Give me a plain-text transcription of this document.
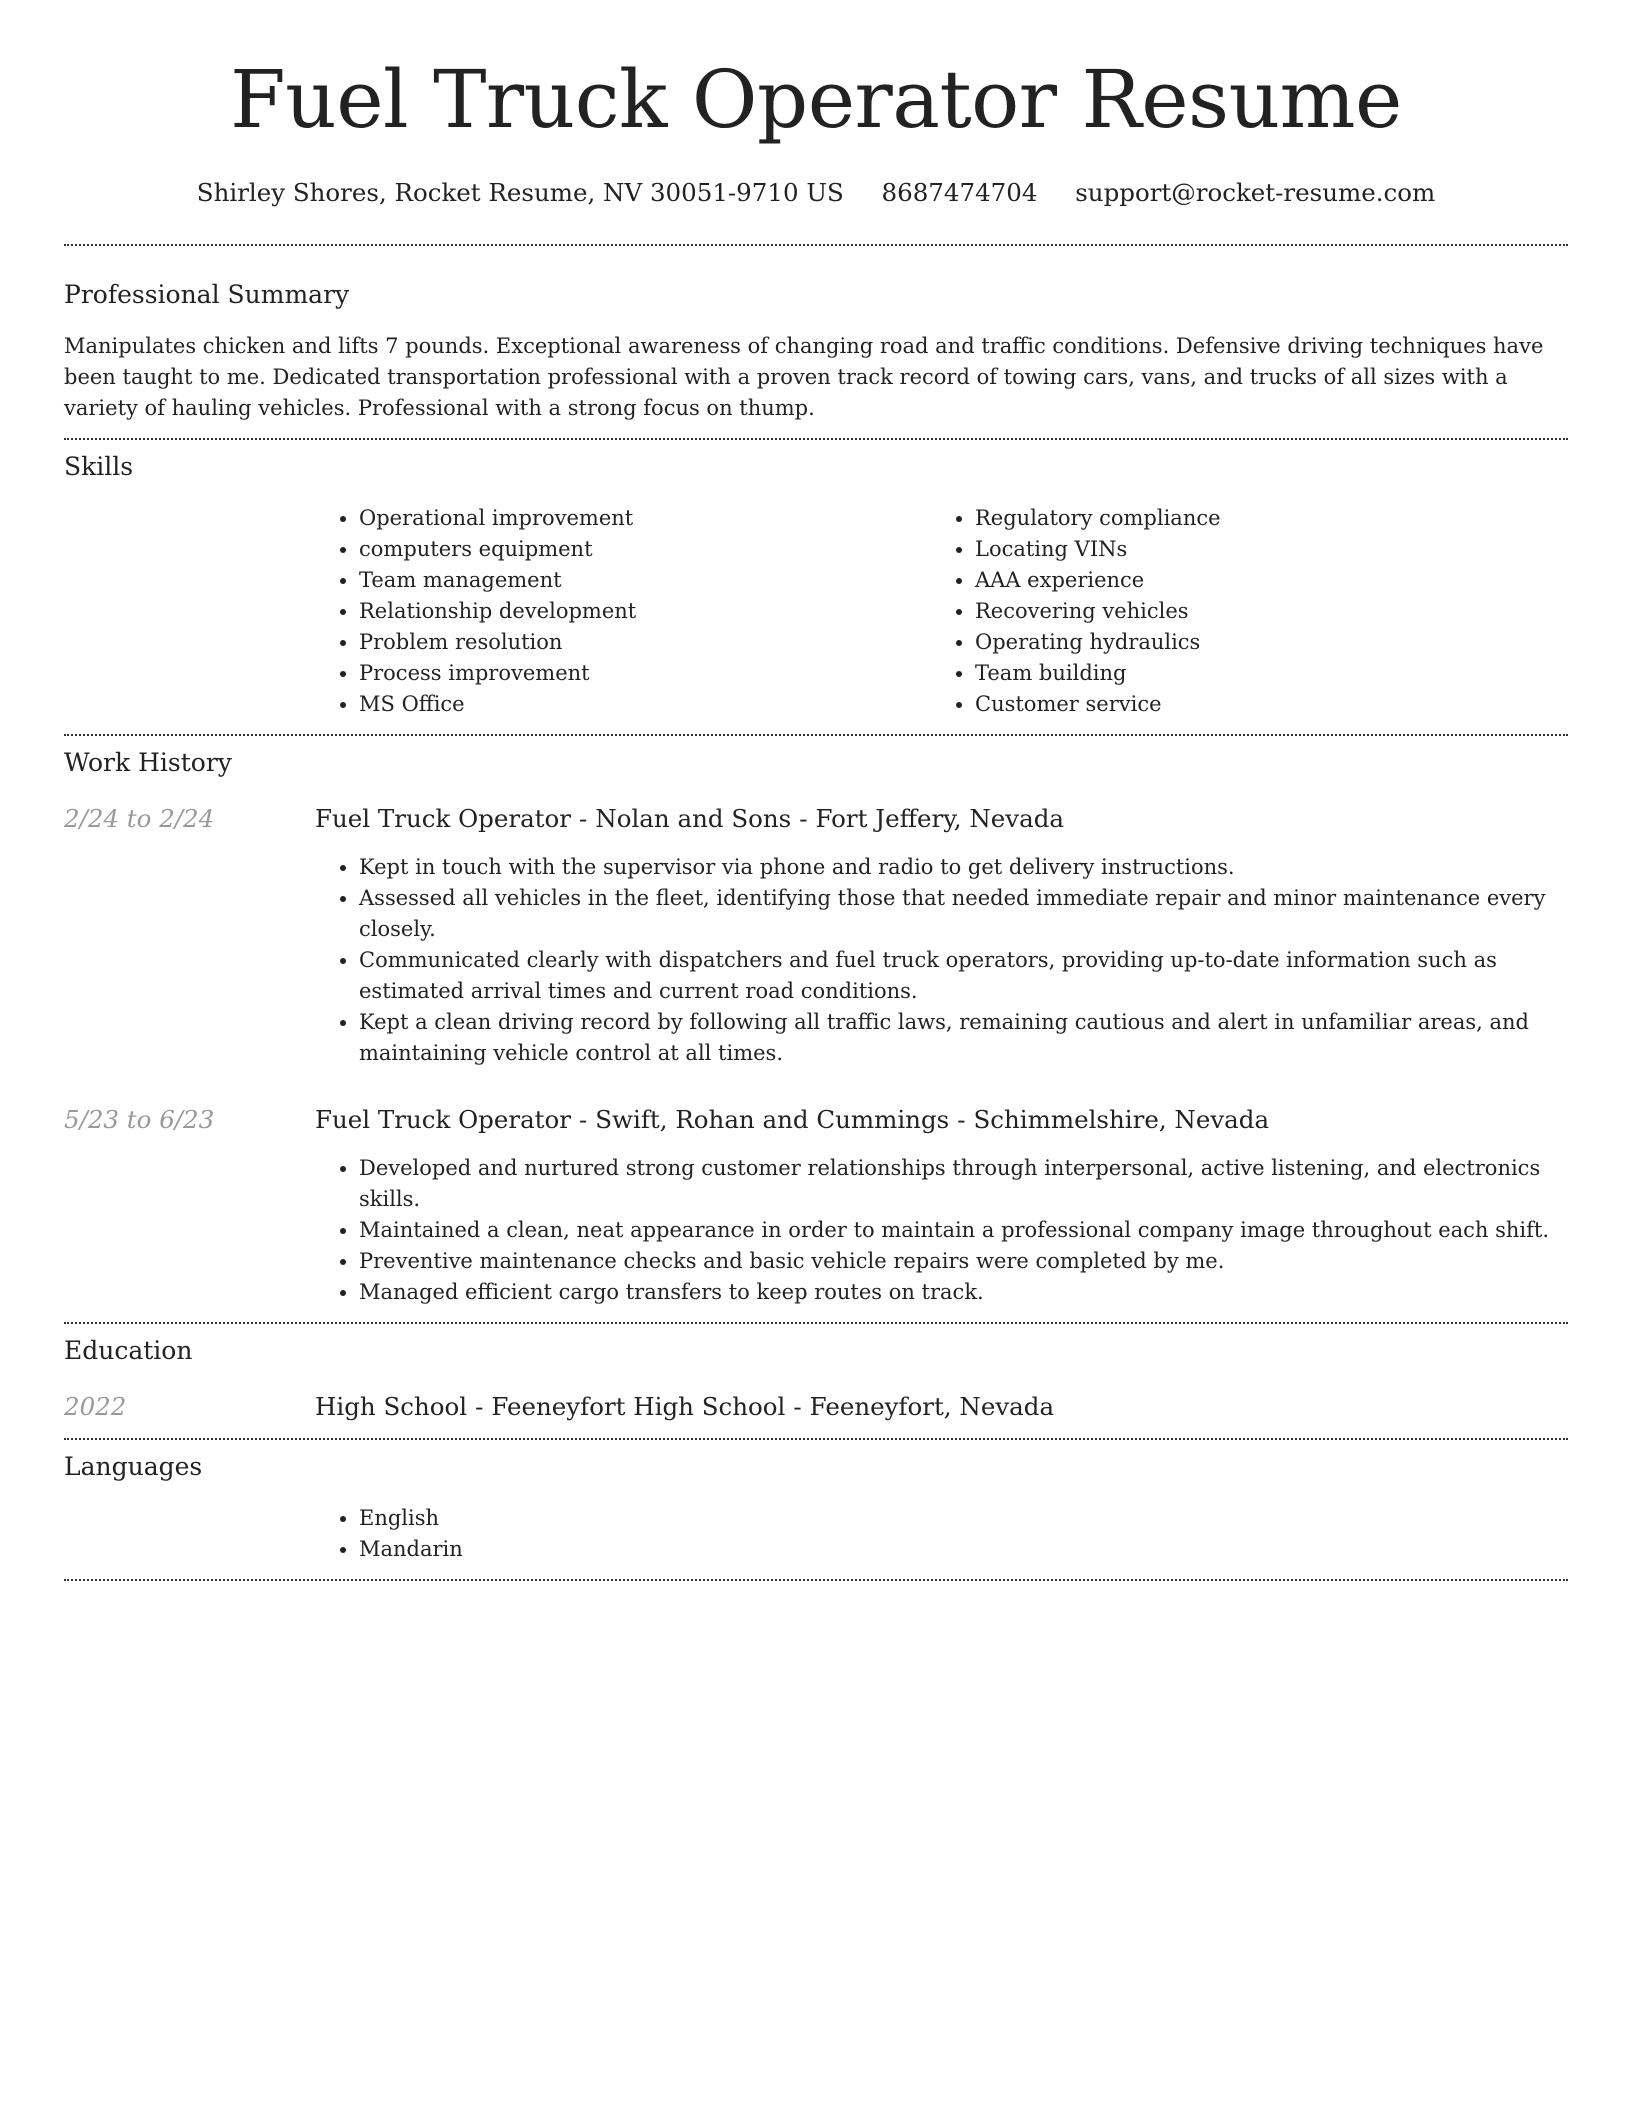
Fuel Truck Operator Resume
Shirley Shores, Rocket Resume, NV 30051-9710 US 8687474704 support@rocket-resume.com
Professional Summary

Manipulates chicken and lifts 7 pounds. Exceptional awareness of changing road and traffic conditions. Defensive driving techniques have been taught to me. Dedicated transportation professional with a proven track record of towing cars, vans, and trucks of all sizes with a variety of hauling vehicles. Professional with a strong focus on thump.

Skills
• Operational improvement
• computers equipment
• Team management
• Relationship development
• Problem resolution
• Process improvement
• MS Office
• Regulatory compliance
• Locating VINs
• AAA experience
• Recovering vehicles
• Operating hydraulics
• Team building
• Customer service
Work History
2/24 to 2/24	Fuel Truck Operator - Nolan and Sons - Fort Jeffery, Nevada
• Kept in touch with the supervisor via phone and radio to get delivery instructions.
• Assessed all vehicles in the fleet, identifying those that needed immediate repair and minor maintenance every closely.
• Communicated clearly with dispatchers and fuel truck operators, providing up-to-date information such as estimated arrival times and current road conditions.
• Kept a clean driving record by following all traffic laws, remaining cautious and alert in unfamiliar areas, and maintaining vehicle control at all times.
5/23 to 6/23	Fuel Truck Operator - Swift, Rohan and Cummings - Schimmelshire, Nevada
• Developed and nurtured strong customer relationships through interpersonal, active listening, and electronics skills.
• Maintained a clean, neat appearance in order to maintain a professional company image throughout each shift.
• Preventive maintenance checks and basic vehicle repairs were completed by me.
• Managed efficient cargo transfers to keep routes on track.
Education
2022	High School - Feeneyfort High School - Feeneyfort, Nevada
Languages
• English
• Mandarin
